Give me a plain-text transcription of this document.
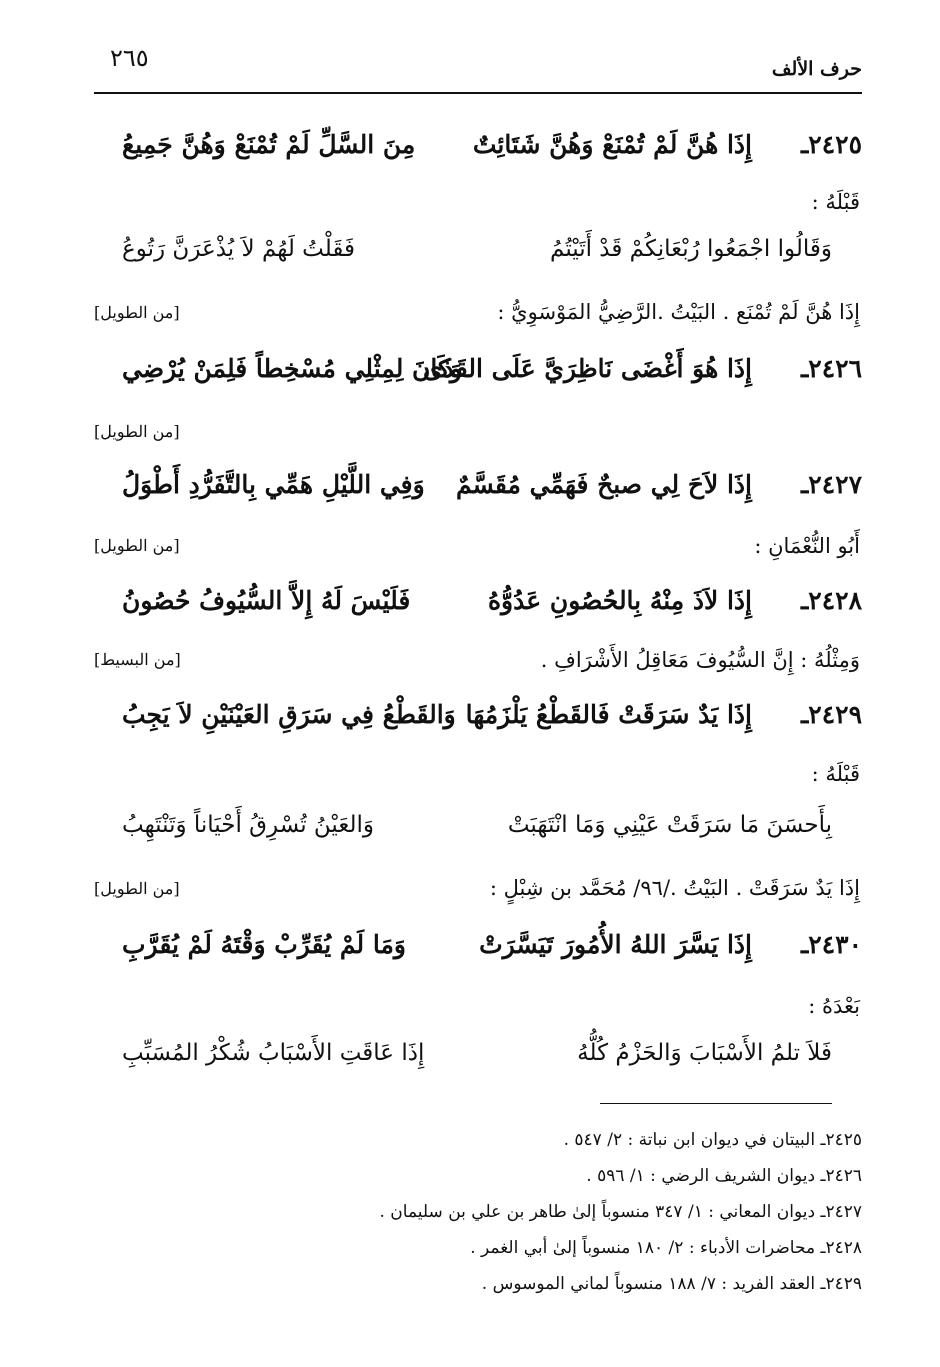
حرف الألف
٢٦٥
٢٤٢٥ـ
إِذَا هُنَّ لَمْ تُمْنَعْ وَهُنَّ شَتَائِتٌ
مِنَ السَّلِّ لَمْ تُمْنَعْ وَهُنَّ جَمِيعُ
قَبْلَهُ :
وَقَالُوا اجْمَعُوا رُبْعَانِكُمْ قَدْ أَتَيْتُمُ
فَقَلْتُ لَهُمْ لاَ يُذْعَرَنَّ رَتُوعُ
إِذَا هُنَّ لَمْ تُمْنَع . البَيْتُ .الرَّضِيُّ المَوْسَوِيُّ :
[من الطويل]
٢٤٢٦ـ
إِذَا هُوَ أَغْضَى نَاظِرَيَّ عَلَى القَذَى
وَكَانَ لِمِثْلِي مُسْخِطاً فَلِمَنْ يُرْضِي
[من الطويل]
٢٤٢٧ـ
إِذَا لاَحَ لِي صبحٌ فَهَمِّي مُقَسَّمٌ
وَفِي اللَّيْلِ هَمِّي بِالتَّفَرُّدِ أَطْوَلُ
أَبُو النُّعْمَانِ :
[من الطويل]
٢٤٢٨ـ
إِذَا لاَذَ مِنْهُ بِالحُصُونِ عَدُوُّهُ
فَلَيْسَ لَهُ إِلاَّ السُّيُوفُ حُصُونُ
وَمِثْلُهُ : إِنَّ السُّيُوفَ مَعَاقِلُ الأَشْرَافِ .
[من البسيط]
٢٤٢٩ـ
إِذَا يَدٌ سَرَقَتْ فَالقَطْعُ يَلْزَمُهَا
وَالقَطْعُ فِي سَرَقِ العَيْنَيْنِ لاَ يَجِبُ
قَبْلَهُ :
بِأَحسَنَ مَا سَرَقَتْ عَيْنِي وَمَا انْتَهَبَتْ
وَالعَيْنُ تُسْرِقُ أَحْيَاناً وَتَنْتَهِبُ
إِذَا يَدٌ سَرَقَتْ . البَيْتُ ./٩٦/ مُحَمَّد بن شِبْلٍ :
[من الطويل]
٢٤٣٠ـ
إِذَا يَسَّرَ اللهُ الأُمُورَ تَيَسَّرَتْ
وَمَا لَمْ يُقَرِّبْ وَقْتَهُ لَمْ يُقَرَّبِ
بَعْدَهُ :
فَلاَ تلمُ الأَسْبَابَ وَالحَزْمُ كُلُّهُ
إِذَا عَاقَتِ الأَسْبَابُ شُكْرُ المُسَبِّبِ
٢٤٢٥ـ البيتان في ديوان ابن نباتة : ٢/ ٥٤٧ .
٢٤٢٦ـ ديوان الشريف الرضي : ١/ ٥٩٦ .
٢٤٢٧ـ ديوان المعاني : ١/ ٣٤٧ منسوباً إلىٰ طاهر بن علي بن سليمان .
٢٤٢٨ـ محاضرات الأدباء : ٢/ ١٨٠ منسوباً إلىٰ أبي الغمر .
٢٤٢٩ـ العقد الفريد : ٧/ ١٨٨ منسوباً لماني الموسوس .
